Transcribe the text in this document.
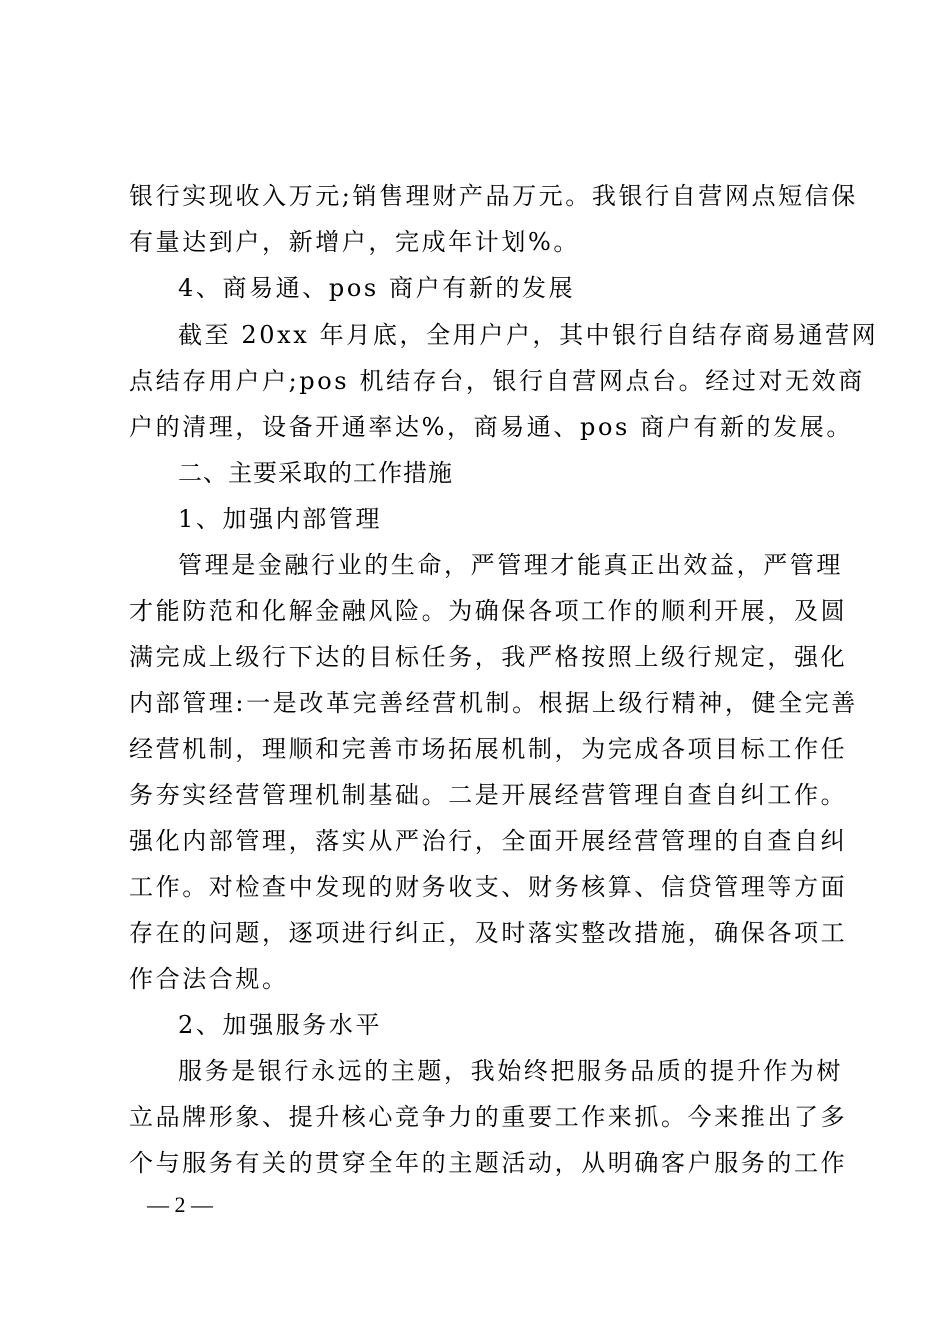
银行实现收入万元;销售理财产品万元。我银行自营网点短信保
有量达到户，新增户，完成年计划%。
4、商易通、pos 商户有新的发展
截至 20xx 年月底，全用户户，其中银行自结存商易通营网
点结存用户户;pos 机结存台，银行自营网点台。经过对无效商
户的清理，设备开通率达%，商易通、pos 商户有新的发展。
二、主要采取的工作措施
1、加强内部管理
管理是金融行业的生命，严管理才能真正出效益，严管理
才能防范和化解金融风险。为确保各项工作的顺利开展，及圆
满完成上级行下达的目标任务，我严格按照上级行规定，强化
内部管理:一是改革完善经营机制。根据上级行精神，健全完善
经营机制，理顺和完善市场拓展机制，为完成各项目标工作任
务夯实经营管理机制基础。二是开展经营管理自查自纠工作。
强化内部管理，落实从严治行，全面开展经营管理的自查自纠
工作。对检查中发现的财务收支、财务核算、信贷管理等方面
存在的问题，逐项进行纠正，及时落实整改措施，确保各项工
作合法合规。
2、加强服务水平
服务是银行永远的主题，我始终把服务品质的提升作为树
立品牌形象、提升核心竞争力的重要工作来抓。今来推出了多
个与服务有关的贯穿全年的主题活动，从明确客户服务的工作
— 2 —
